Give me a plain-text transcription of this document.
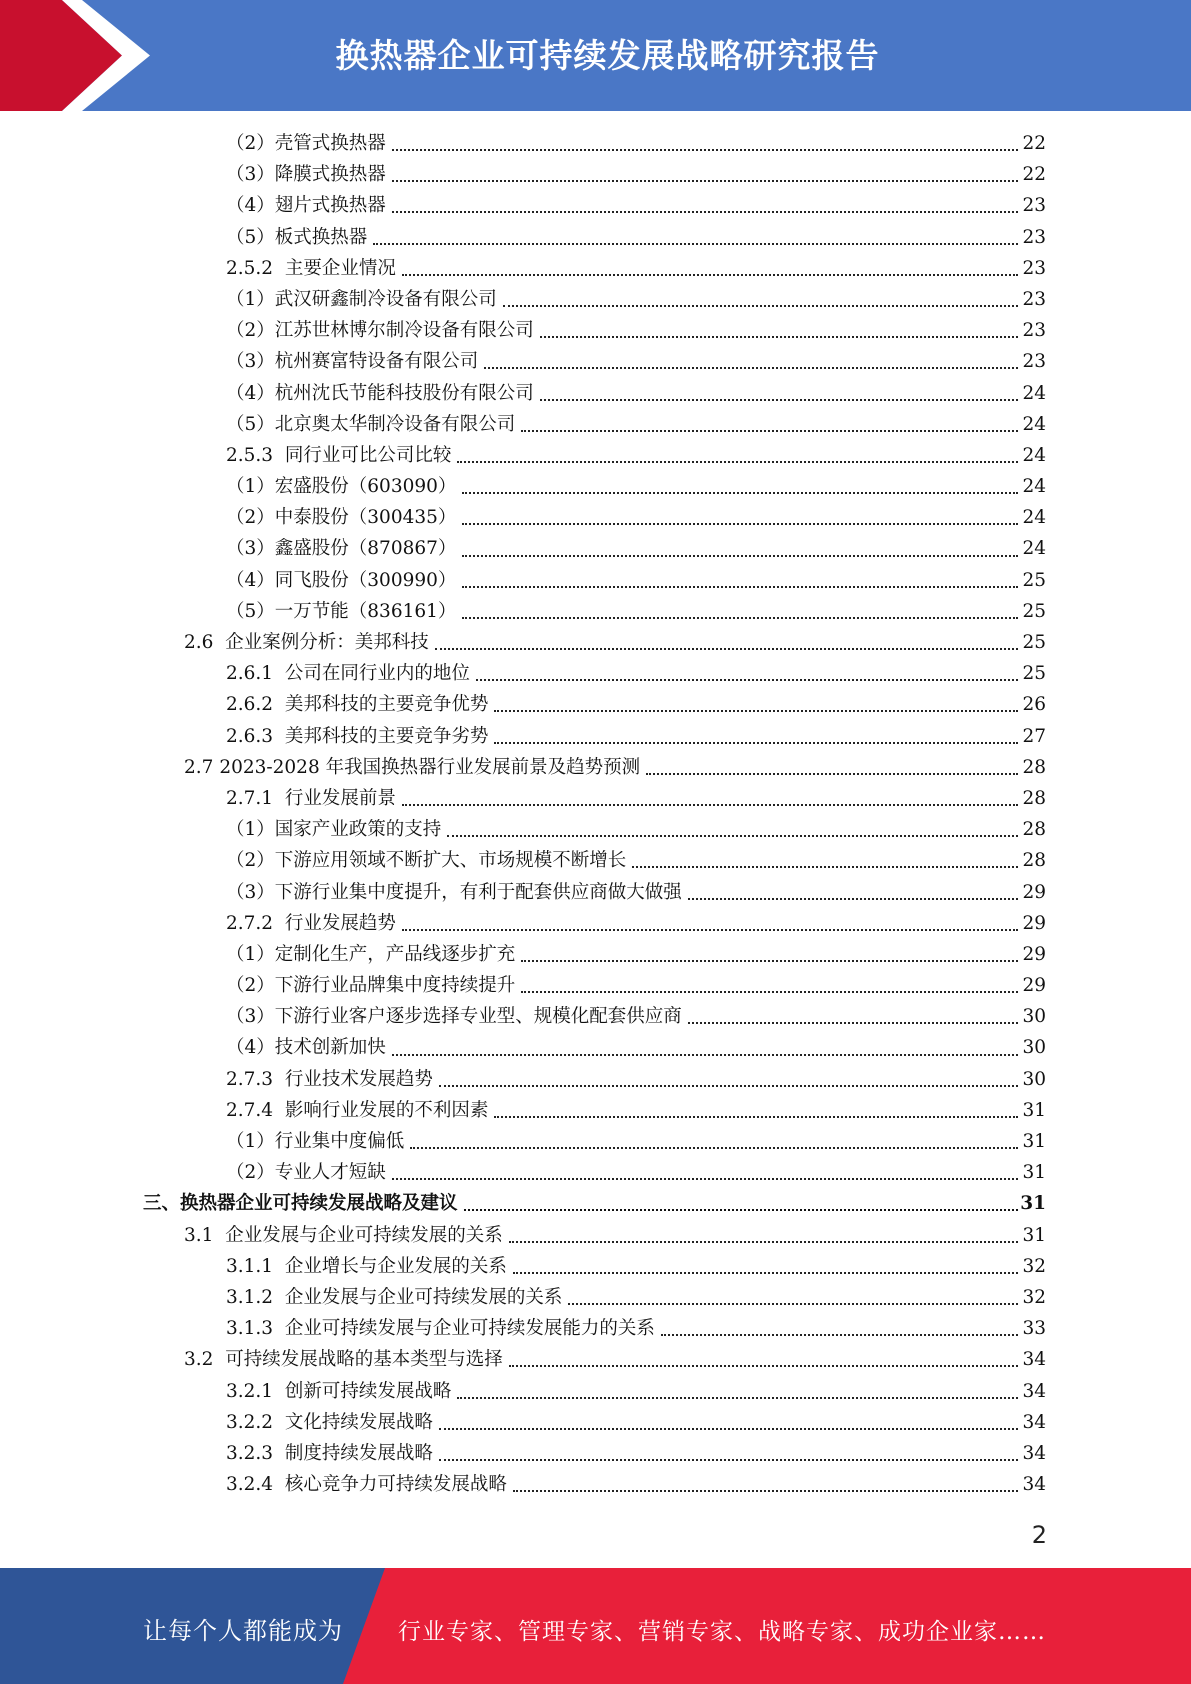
换热器企业可持续发展战略研究报告
（2） 壳管式换热器	22
（3） 降膜式换热器	22
（4） 翅片式换热器	23
（5） 板式换热器	23
2.5.2 主要企业情况	23
（1） 武汉研鑫制冷设备有限公司	23
（2） 江苏世林博尔制冷设备有限公司	23
（3） 杭州赛富特设备有限公司	23
（4） 杭州沈氏节能科技股份有限公司	24
（5） 北京奥太华制冷设备有限公司	24
2.5.3 同行业可比公司比较	24
（1） 宏盛股份（603090）	24
（2） 中泰股份（300435）	24
（3） 鑫盛股份（870867）	24
（4） 同飞股份（300990）	25
（5） 一万节能（836161）	25
2.6 企业案例分析：美邦科技	25
2.6.1 公司在同行业内的地位	25
2.6.2 美邦科技的主要竞争优势	26
2.6.3 美邦科技的主要竞争劣势	27
2.7 2023-2028 年我国换热器行业发展前景及趋势预测	28
2.7.1 行业发展前景	28
（1） 国家产业政策的支持	28
（2） 下游应用领域不断扩大、市场规模不断增长	28
（3） 下游行业集中度提升，有利于配套供应商做大做强	29
2.7.2 行业发展趋势	29
（1） 定制化生产，产品线逐步扩充	29
（2） 下游行业品牌集中度持续提升	29
（3） 下游行业客户逐步选择专业型、规模化配套供应商	30
（4） 技术创新加快	30
2.7.3 行业技术发展趋势	30
2.7.4 影响行业发展的不利因素	31
（1） 行业集中度偏低	31
（2） 专业人才短缺	31
三、 换热器企业可持续发展战略及建议	31
3.1 企业发展与企业可持续发展的关系	31
3.1.1 企业增长与企业发展的关系	32
3.1.2 企业发展与企业可持续发展的关系	32
3.1.3 企业可持续发展与企业可持续发展能力的关系	33
3.2 可持续发展战略的基本类型与选择	34
3.2.1 创新可持续发展战略	34
3.2.2 文化持续发展战略	34
3.2.3 制度持续发展战略	34
3.2.4 核心竞争力可持续发展战略	34
2
让每个人都能成为 行业专家、管理专家、营销专家、战略专家、成功企业家……
